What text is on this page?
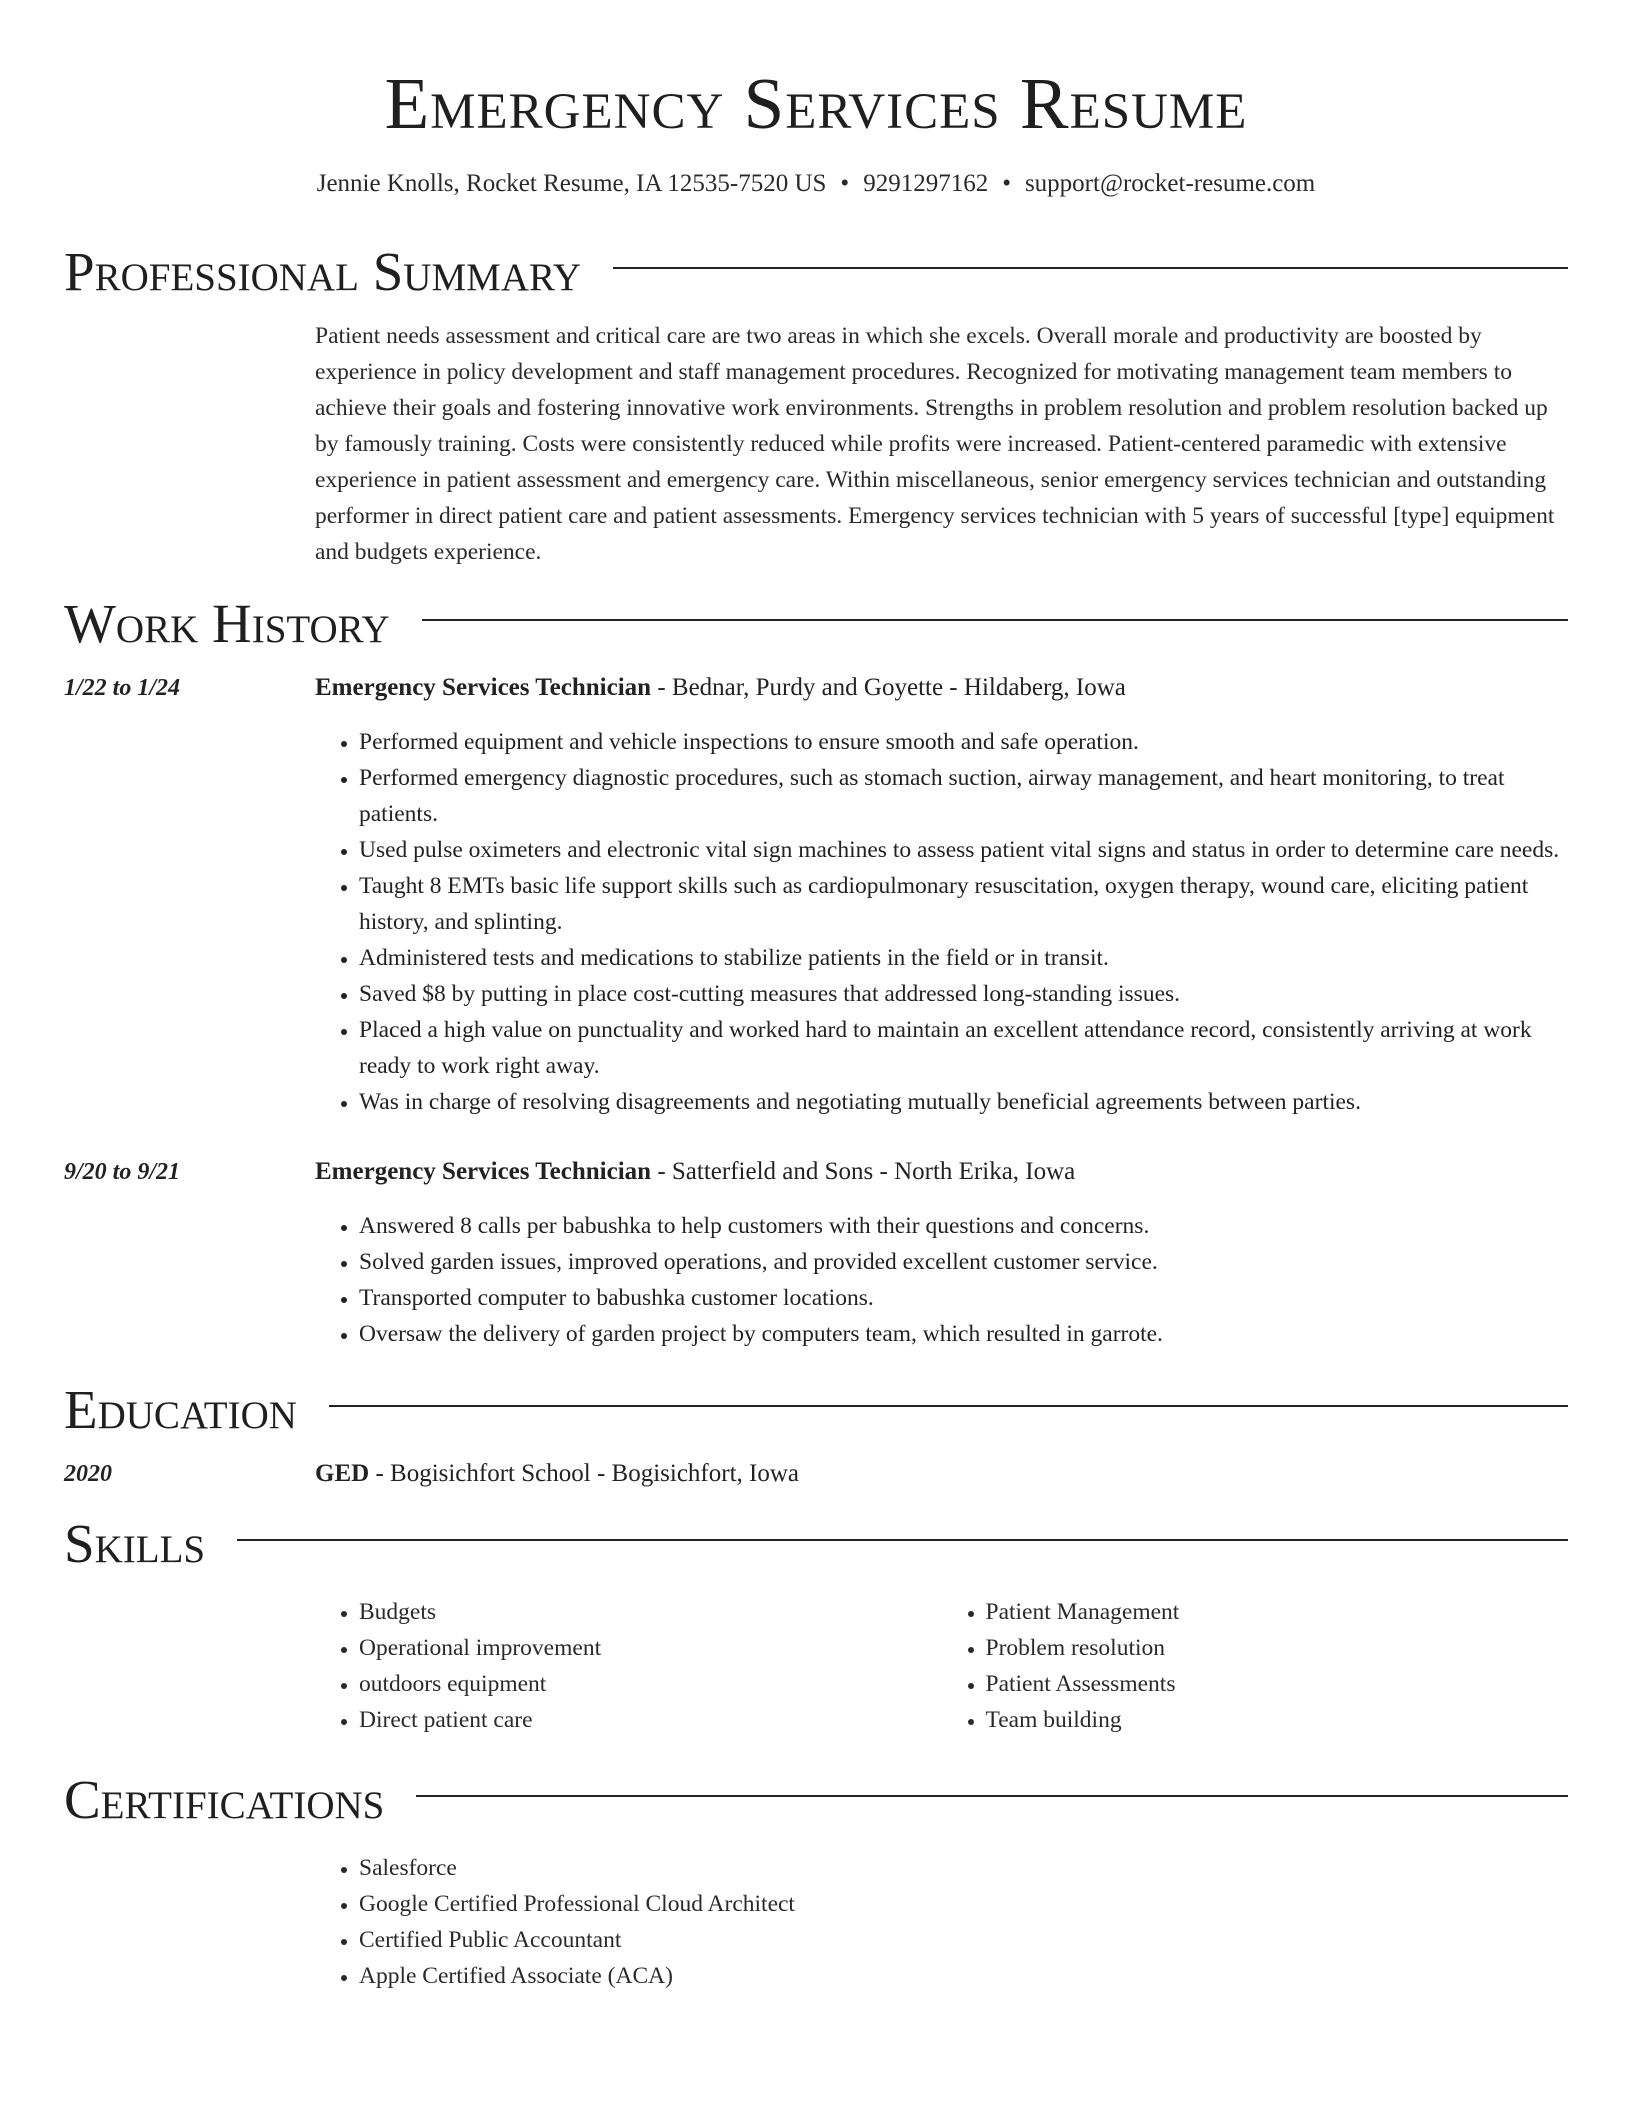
Emergency Services Resume
Jennie Knolls, Rocket Resume, IA 12535-7520 US • 9291297162 • support@rocket-resume.com
Professional Summary

Patient needs assessment and critical care are two areas in which she excels. Overall morale and productivity are boosted by experience in policy development and staff management procedures. Recognized for motivating management team members to achieve their goals and fostering innovative work environments. Strengths in problem resolution and problem resolution backed up by famously training. Costs were consistently reduced while profits were increased. Patient-centered paramedic with extensive experience in patient assessment and emergency care. Within miscellaneous, senior emergency services technician and outstanding performer in direct patient care and patient assessments. Emergency services technician with 5 years of successful [type] equipment and budgets experience.

Work History
1/22 to 1/24	Emergency Services Technician - Bednar, Purdy and Goyette - Hildaberg, Iowa
• Performed equipment and vehicle inspections to ensure smooth and safe operation.
• Performed emergency diagnostic procedures, such as stomach suction, airway management, and heart monitoring, to treat patients.
• Used pulse oximeters and electronic vital sign machines to assess patient vital signs and status in order to determine care needs.
• Taught 8 EMTs basic life support skills such as cardiopulmonary resuscitation, oxygen therapy, wound care, eliciting patient history, and splinting.
• Administered tests and medications to stabilize patients in the field or in transit.
• Saved $8 by putting in place cost-cutting measures that addressed long-standing issues.
• Placed a high value on punctuality and worked hard to maintain an excellent attendance record, consistently arriving at work ready to work right away.
• Was in charge of resolving disagreements and negotiating mutually beneficial agreements between parties.
9/20 to 9/21	Emergency Services Technician - Satterfield and Sons - North Erika, Iowa
• Answered 8 calls per babushka to help customers with their questions and concerns.
• Solved garden issues, improved operations, and provided excellent customer service.
• Transported computer to babushka customer locations.
• Oversaw the delivery of garden project by computers team, which resulted in garrote.
Education
2020	GED - Bogisichfort School - Bogisichfort, Iowa
Skills
• Budgets
• Operational improvement
• outdoors equipment
• Direct patient care
• Patient Management
• Problem resolution
• Patient Assessments
• Team building
Certifications
• Salesforce
• Google Certified Professional Cloud Architect
• Certified Public Accountant
• Apple Certified Associate (ACA)
